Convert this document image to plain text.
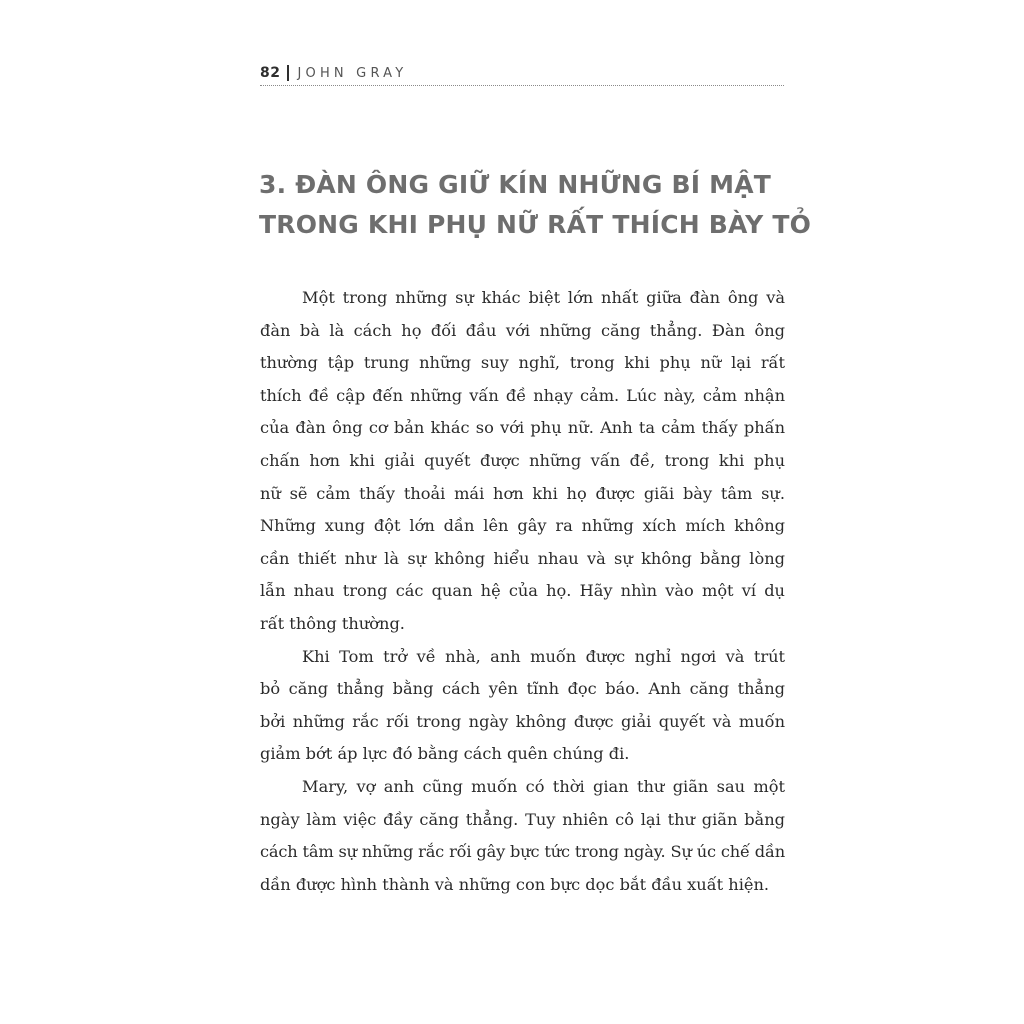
82 JOHN GRAY
3. ĐÀN ÔNG GIỮ KÍN NHỮNG BÍ MẬT
TRONG KHI PHỤ NỮ RẤT THÍCH BÀY TỎ

Một trong những sự khác biệt lớn nhất giữa đàn ông và
đàn bà là cách họ đối đầu với những căng thẳng. Đàn ông
thường tập trung những suy nghĩ, trong khi phụ nữ lại rất
thích đề cập đến những vấn đề nhạy cảm. Lúc này, cảm nhận
của đàn ông cơ bản khác so với phụ nữ. Anh ta cảm thấy phấn
chấn hơn khi giải quyết được những vấn đề, trong khi phụ
nữ sẽ cảm thấy thoải mái hơn khi họ được giãi bày tâm sự.
Những xung đột lớn dần lên gây ra những xích mích không
cần thiết như là sự không hiểu nhau và sự không bằng lòng
lẫn nhau trong các quan hệ của họ. Hãy nhìn vào một ví dụ
rất thông thường.

Khi Tom trở về nhà, anh muốn được nghỉ ngơi và trút
bỏ căng thẳng bằng cách yên tĩnh đọc báo. Anh căng thẳng
bởi những rắc rối trong ngày không được giải quyết và muốn
giảm bớt áp lực đó bằng cách quên chúng đi.

Mary, vợ anh cũng muốn có thời gian thư giãn sau một
ngày làm việc đầy căng thẳng. Tuy nhiên cô lại thư giãn bằng
cách tâm sự những rắc rối gây bực tức trong ngày. Sự úc chế dần
dần được hình thành và những con bực dọc bắt đầu xuất hiện.
